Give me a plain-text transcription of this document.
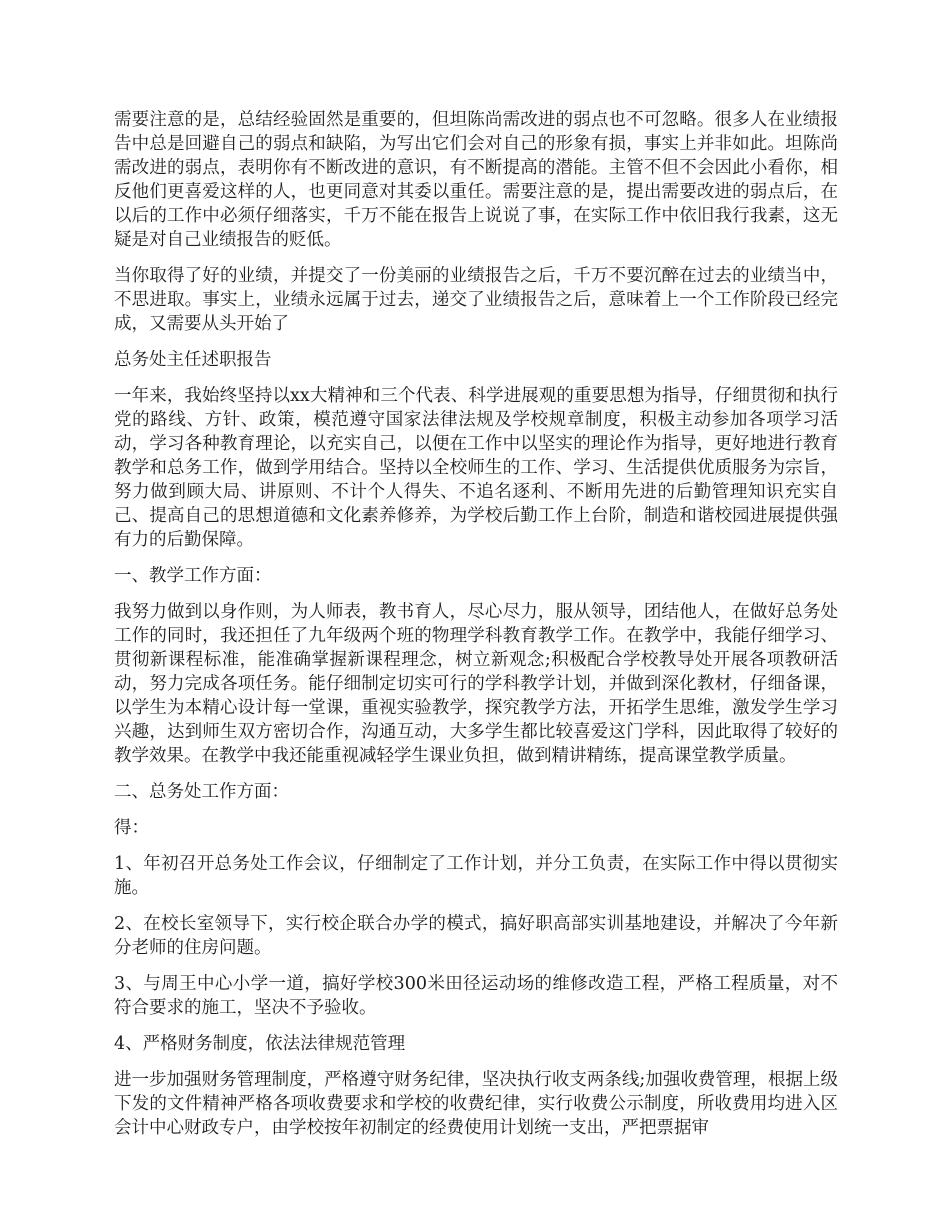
需要注意的是，总结经验固然是重要的，但坦陈尚需改进的弱点也不可忽略。很多人在业绩报告中总是回避自己的弱点和缺陷，为写出它们会对自己的形象有损，事实上并非如此。坦陈尚需改进的弱点，表明你有不断改进的意识，有不断提高的潜能。主管不但不会因此小看你，相反他们更喜爱这样的人，也更同意对其委以重任。需要注意的是，提出需要改进的弱点后，在以后的工作中必须仔细落实，千万不能在报告上说说了事，在实际工作中依旧我行我素，这无疑是对自己业绩报告的贬低。

当你取得了好的业绩，并提交了一份美丽的业绩报告之后，千万不要沉醉在过去的业绩当中，不思进取。事实上，业绩永远属于过去，递交了业绩报告之后，意味着上一个工作阶段已经完成，又需要从头开始了

总务处主任述职报告

一年来，我始终坚持以xx大精神和三个代表、科学进展观的重要思想为指导，仔细贯彻和执行党的路线、方针、政策，模范遵守国家法律法规及学校规章制度，积极主动参加各项学习活动，学习各种教育理论，以充实自己，以便在工作中以坚实的理论作为指导，更好地进行教育教学和总务工作，做到学用结合。坚持以全校师生的工作、学习、生活提供优质服务为宗旨，努力做到顾大局、讲原则、不计个人得失、不追名逐利、不断用先进的后勤管理知识充实自己、提高自己的思想道德和文化素养修养，为学校后勤工作上台阶，制造和谐校园进展提供强有力的后勤保障。

一、教学工作方面：

我努力做到以身作则，为人师表，教书育人，尽心尽力，服从领导，团结他人，在做好总务处工作的同时，我还担任了九年级两个班的物理学科教育教学工作。在教学中，我能仔细学习、贯彻新课程标准，能准确掌握新课程理念，树立新观念;积极配合学校教导处开展各项教研活动，努力完成各项任务。能仔细制定切实可行的学科教学计划，并做到深化教材，仔细备课，以学生为本精心设计每一堂课，重视实验教学，探究教学方法，开拓学生思维，激发学生学习兴趣，达到师生双方密切合作，沟通互动，大多学生都比较喜爱这门学科，因此取得了较好的教学效果。在教学中我还能重视减轻学生课业负担，做到精讲精练，提高课堂教学质量。

二、总务处工作方面：

得：

1、年初召开总务处工作会议，仔细制定了工作计划，并分工负责，在实际工作中得以贯彻实施。

2、在校长室领导下，实行校企联合办学的模式，搞好职高部实训基地建设，并解决了今年新分老师的住房问题。

3、与周王中心小学一道，搞好学校300米田径运动场的维修改造工程，严格工程质量，对不符合要求的施工，坚决不予验收。

4、严格财务制度，依法法律规范管理

进一步加强财务管理制度，严格遵守财务纪律，坚决执行收支两条线;加强收费管理，根据上级下发的文件精神严格各项收费要求和学校的收费纪律，实行收费公示制度，所收费用均进入区会计中心财政专户，由学校按年初制定的经费使用计划统一支出，严把票据审
